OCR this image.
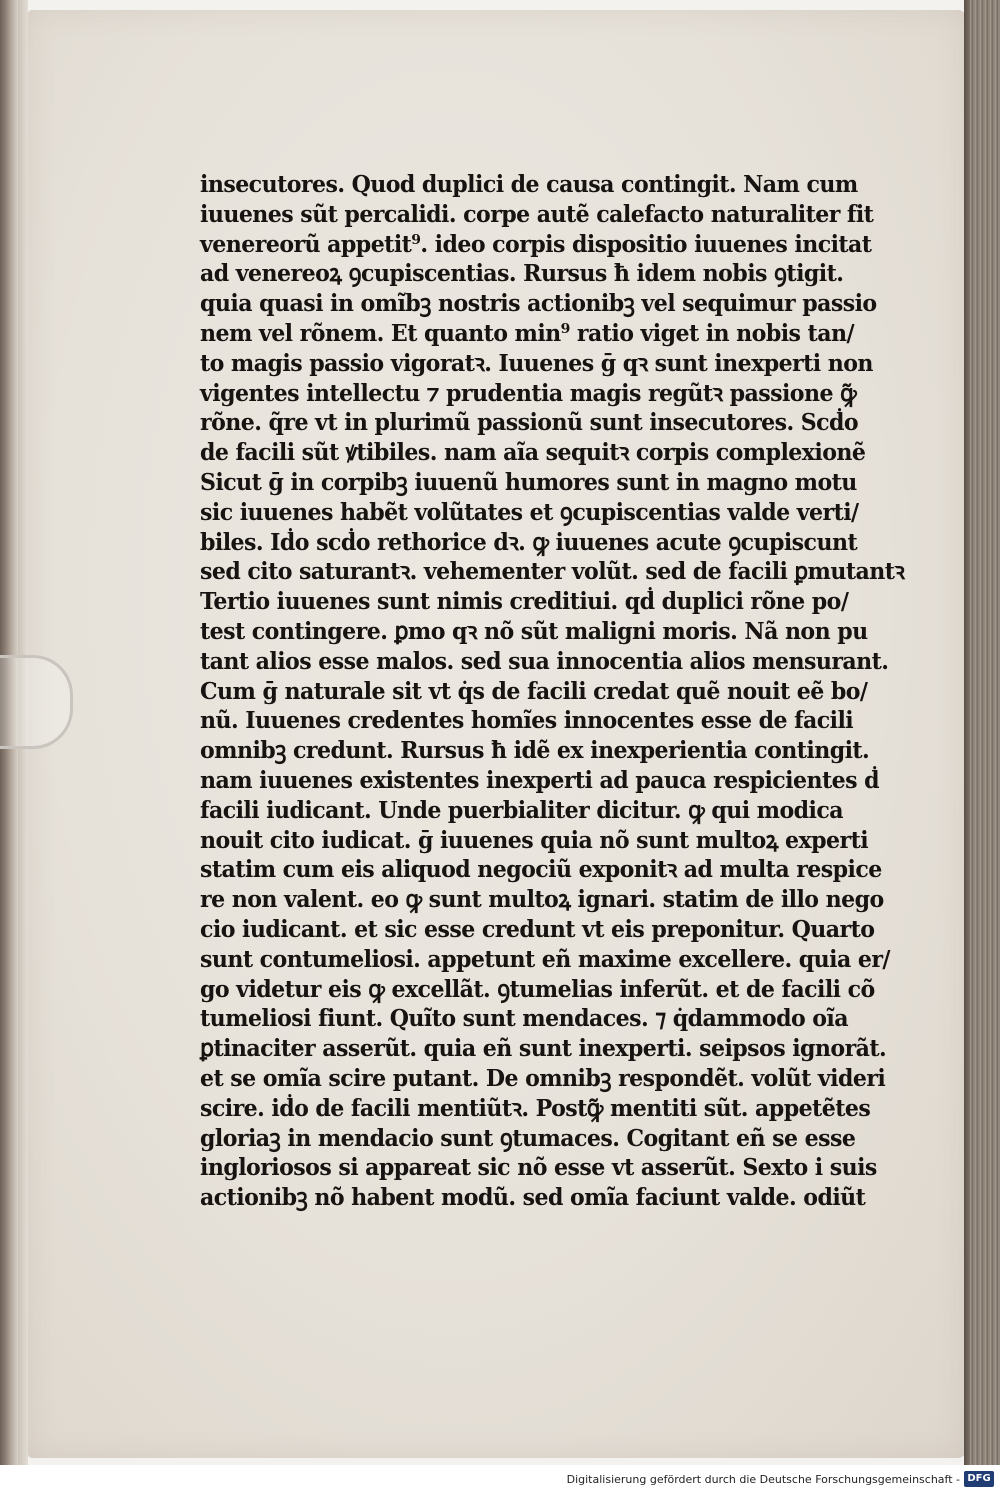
insecutores. Quod duplici de causa contingit. Nam cum
iuuenes sũt percalidi. corpe autẽ calefacto naturaliter fit
venereorũ appetit⁹. ideo corpis dispositio iuuenes incitat
ad venereoꝝ ꝯcupiscentias. Rursus ħ idem nobis ꝯtigit.
quia quasi in omĩbꝫ nostris actionibꝫ vel sequimur passio
nem vel rõnem. Et quanto min⁹ ratio viget in nobis tan/
to magis passio vigoratꝛ. Iuuenes ḡ qꝛ sunt inexperti non
vigentes intellectu ⁊ prudentia magis regũtꝛ passione ꝙ̃
rõne. q̃re vt in plurimũ passionũ sunt insecutores. Scḋo
de facili sũt ꝟtibiles. nam aĩa sequitꝛ corpis complexionẽ
Sicut ḡ in corpibꝫ iuuenũ humores sunt in magno motu
sic iuuenes habẽt volũtates et ꝯcupiscentias valde verti/
biles. Iḋo scḋo rethorice dꝛ. ꝙ iuuenes acute ꝯcupiscunt
sed cito saturantꝛ. vehementer volũt. sed de facili ꝑmutantꝛ
Tertio iuuenes sunt nimis creditiui. qḋ duplici rõne po/
test contingere. ꝑmo qꝛ nõ sũt maligni moris. Nã non pu
tant alios esse malos. sed sua innocentia alios mensurant.
Cum ḡ naturale sit vt q̇s de facili credat quẽ nouit eẽ bo/
nũ. Iuuenes credentes homĩes innocentes esse de facili
omnibꝫ credunt. Rursus ħ idẽ ex inexperientia contingit.
nam iuuenes existentes inexperti ad pauca respicientes ḋ
facili iudicant. Unde puerbialiter dicitur. ꝙ qui modica
nouit cito iudicat. ḡ iuuenes quia nõ sunt multoꝝ experti
statim cum eis aliquod negociũ exponitꝛ ad multa respice
re non valent. eo ꝙ sunt multoꝝ ignari. statim de illo nego
cio iudicant. et sic esse credunt vt eis preponitur. Quarto
sunt contumeliosi. appetunt eñ maxime excellere. quia er/
go videtur eis ꝙ excellãt. ꝯtumelias inferũt. et de facili cõ
tumeliosi fiunt. Quĩto sunt mendaces. ⁊ q̇dammodo oĩa
ꝑtinaciter asserũt. quia eñ sunt inexperti. seipsos ignorãt.
et se omĩa scire putant. De omnibꝫ respondẽt. volũt videri
scire. iḋo de facili mentiũtꝛ. Postꝙ̃ mentiti sũt. appetẽtes
gloriaꝫ in mendacio sunt ꝯtumaces. Cogitant eñ se esse
ingloriosos si appareat sic nõ esse vt asserũt. Sexto i suis
actionibꝫ nõ habent modũ. sed omĩa faciunt valde. odiũt
Digitalisierung gefördert durch die Deutsche Forschungsgemeinschaft - DFG
